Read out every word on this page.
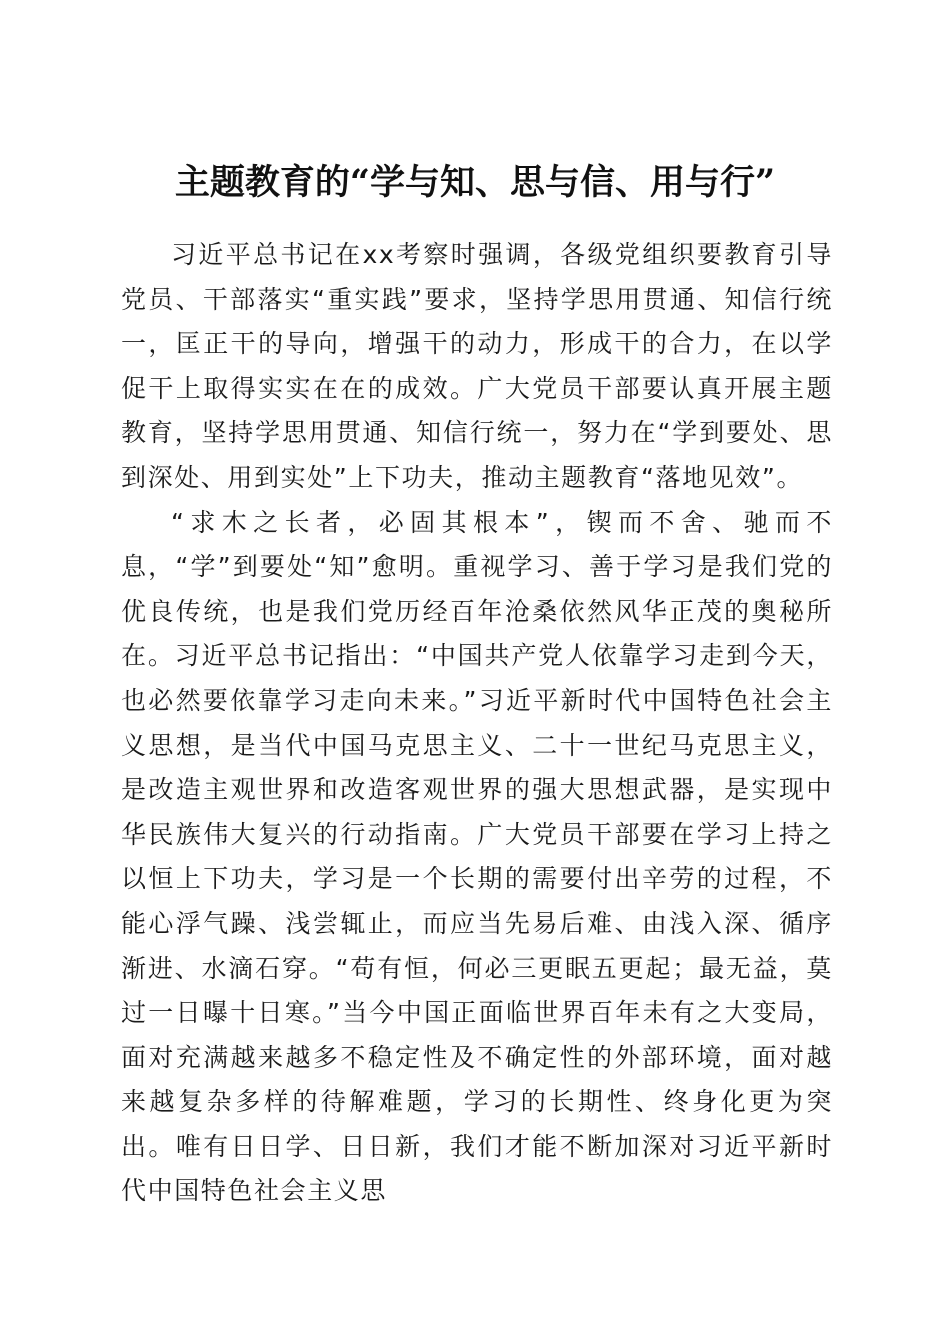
主题教育的“学与知、思与信、用与行”

习近平总书记在xx考察时强调，各级党组织要教育引导党员、干部落实“重实践”要求，坚持学思用贯通、知信行统一，匡正干的导向，增强干的动力，形成干的合力，在以学促干上取得实实在在的成效。广大党员干部要认真开展主题教育，坚持学思用贯通、知信行统一，努力在“学到要处、思到深处、用到实处”上下功夫，推动主题教育“落地见效”。

“求木之长者，必固其根本”，锲而不舍、驰而不息，“学”到要处“知”愈明。重视学习、善于学习是我们党的优良传统，也是我们党历经百年沧桑依然风华正茂的奥秘所在。习近平总书记指出：“中国共产党人依靠学习走到今天，也必然要依靠学习走向未来。”习近平新时代中国特色社会主义思想，是当代中国马克思主义、二十一世纪马克思主义，是改造主观世界和改造客观世界的强大思想武器，是实现中华民族伟大复兴的行动指南。广大党员干部要在学习上持之以恒上下功夫，学习是一个长期的需要付出辛劳的过程，不能心浮气躁、浅尝辄止，而应当先易后难、由浅入深、循序渐进、水滴石穿。“苟有恒，何必三更眠五更起；最无益，莫过一日曝十日寒。”当今中国正面临世界百年未有之大变局，面对充满越来越多不稳定性及不确定性的外部环境，面对越来越复杂多样的待解难题，学习的长期性、终身化更为突出。唯有日日学、日日新，我们才能不断加深对习近平新时代中国特色社会主义思
